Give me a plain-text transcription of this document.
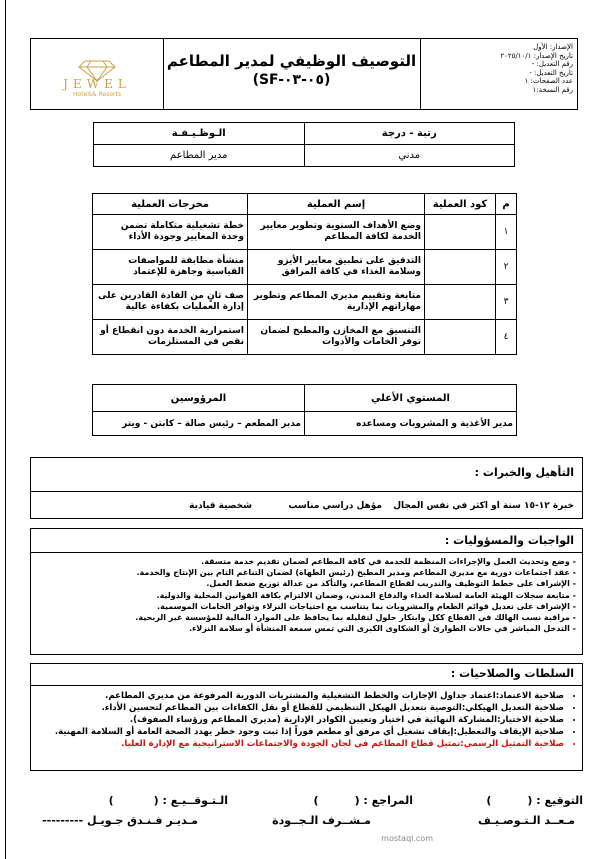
JEWEL
Hotels& Resorts
التوصيف الوظيفي لمدير المطاعم
(SF-٠٥-٠٣)
الإصدار: الأول
تاريخ الإصدار: ٢٠٢٥/١٠/١
رقم التعديل: -
تاريخ التعديل: -
عدد الصفحات: ١
رقم النسخة:١
رتبة - درجة	الـوظـيـفـة
مدني	مدير المطاعم
م	كود العملية	إسم العملية	مخرجات العملية
١		وضع الأهداف السنوية وتطوير معايير الخدمة لكافة المطاعم	خطة تشغيلية متكاملة تضمن وحدة المعايير وجودة الأداء
٢		التدقيق على تطبيق معايير الأيزو وسلامة الغذاء في كافة المرافق	منشأة مطابقة للمواصفات القياسية وجاهزة للإعتماد
٣		متابعة وتقييم مديري المطاعم وتطوير مهاراتهم الإدارية	صف ثانٍ من القادة القادرين على إدارة العمليات بكفاءة عالية
٤		التنسيق مع المخازن والمطبخ لضمان توفر الخامات والأدوات	استمرارية الخدمة دون انقطاع أو نقص في المستلزمات
المستوي الأعلي	المرؤوسين
مدير الأغذية و المشروبات ومساعده	مدير المطعم – رئيس صالة – كابتن - ويتر
التأهيل والخبرات :
خبرة ١٢-١٥ سنة او اكثر في نفس المجال
مؤهل دراسي مناسب
شخصية قيادية
الواجبات والمسؤوليات :
- وضع وتحديث العمل والإجراءات المنظمة للخدمة في كافة المطاعم لضمان تقديم خدمة متسقة.
- عقد اجتماعات دورية مع مديري المطاعم ومدير المطبخ (رئيس الطهاة) لضمان التناغم التام بين الإنتاج والخدمة.
- الإشراف على خطط التوظيف والتدريب لقطاع المطاعم، والتأكد من عدالة توزيع ضغط العمل.
- متابعة سجلات الهيئة العامة لسلامة الغذاء والدفاع المدني، وضمان الالتزام بكافة القوانين المحلية والدولية.
- الإشراف على تعديل قوائم الطعام والمشروبات بما يتناسب مع احتياجات النزلاء وتوافر الخامات الموسمية.
- مراقبة نسب الهالك في القطاع ككل وابتكار حلول لتقليله بما يحافظ على الموارد المالية للمؤسسة غير الربحية.
- التدخل المباشر في حالات الطوارئ أو الشكاوى الكبرى التي تمس سمعة المنشأة أو سلامة النزلاء.
السلطات والصلاحيات :
• صلاحية الاعتماد:اعتماد جداول الإجازات والخطط التشغيلية والمشتريات الدورية المرفوعة من مديري المطاعم.
• صلاحية التعديل الهيكلي:التوصية بتعديل الهيكل التنظيمي للقطاع أو نقل الكفاءات بين المطاعم لتحسين الأداء.
• صلاحية الاختيار:المشاركة النهائية في اختيار وتعيين الكوادر الإدارية (مديري المطاعم ورؤساء الصفوف).
• صلاحية الإيقاف والتعطيل:إيقاف تشغيل أي مرفق أو مطعم فوراً إذا ثبت وجود خطر يهدد الصحة العامة أو السلامة المهنية.
• صلاحية التمثيل الرسمي:تمثيل قطاع المطاعم في لجان الجودة والاجتماعات الاستراتيجية مع الإدارة العليا.
التوقيع : ()
مـعــد الـتـوصـيـف
المراجع : ()
مـشــرف الـجــودة
الـتـوقــيـع : ()
مـديـر فـنـدق جـويـل ---------
mostaql.com
